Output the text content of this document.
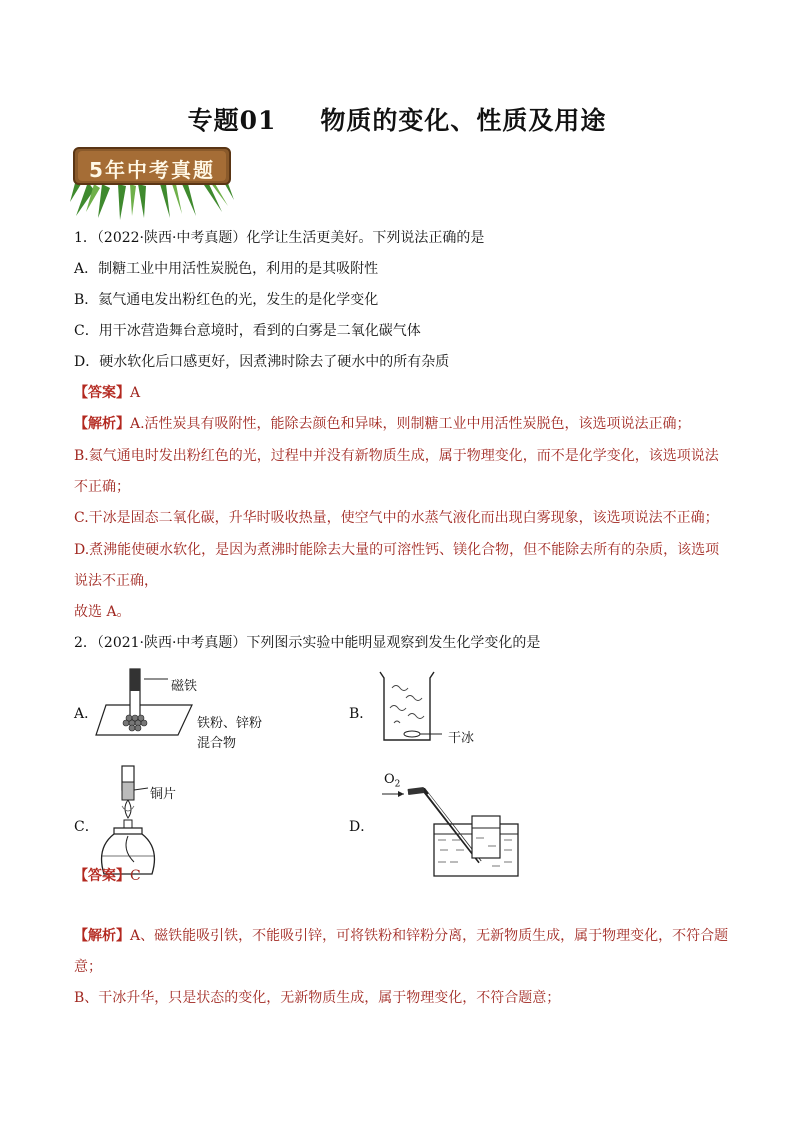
专题01 物质的变化、性质及用途
5年中考真题
1．（2022·陕西·中考真题）化学让生活更美好。下列说法正确的是
A．制糖工业中用活性炭脱色，利用的是其吸附性
B．氦气通电发出粉红色的光，发生的是化学变化
C．用干冰营造舞台意境时，看到的白雾是二氧化碳气体
D．硬水软化后口感更好，因煮沸时除去了硬水中的所有杂质
【答案】A
【解析】A.活性炭具有吸附性，能除去颜色和异味，则制糖工业中用活性炭脱色，该选项说法正确；
B.氦气通电时发出粉红色的光，过程中并没有新物质生成，属于物理变化，而不是化学变化，该选项说法
不正确；
C.干冰是固态二氧化碳，升华时吸收热量，使空气中的水蒸气液化而出现白雾现象，该选项说法不正确；
D.煮沸能使硬水软化，是因为煮沸时能除去大量的可溶性钙、镁化合物，但不能除去所有的杂质，该选项
说法不正确，
故选 A。
2．（2021·陕西·中考真题）下列图示实验中能明显观察到发生化学变化的是
A．
磁铁
铁粉、锌粉
混合物
B．
干冰
C．
铜片
D．
$O_2$
【答案】C
【解析】A、磁铁能吸引铁，不能吸引锌，可将铁粉和锌粉分离，无新物质生成，属于物理变化，不符合题
意；
B、干冰升华，只是状态的变化，无新物质生成，属于物理变化，不符合题意；
